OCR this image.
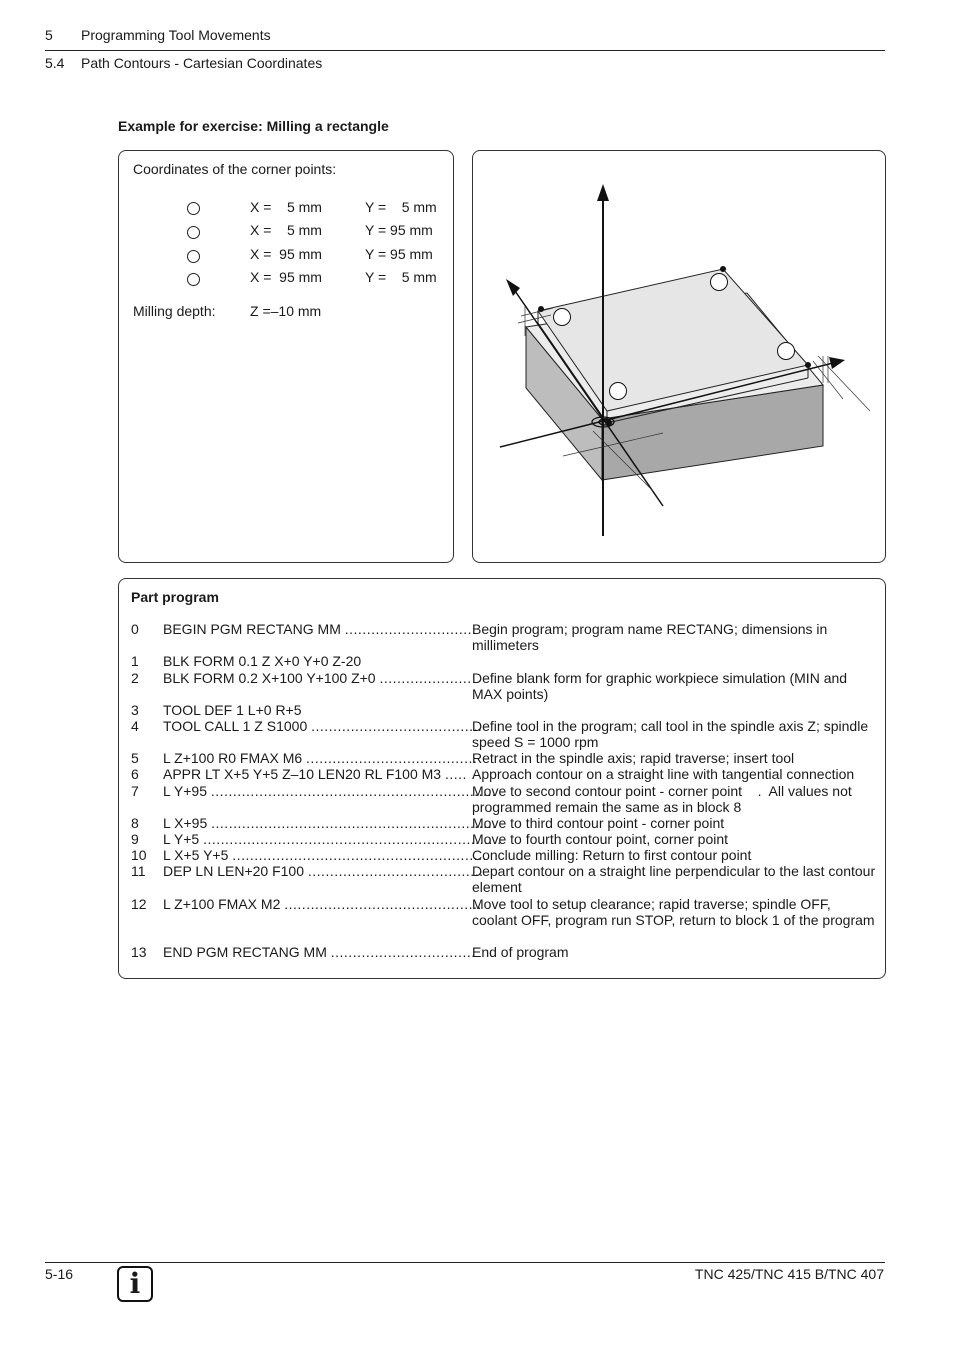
5 Programming Tool Movements
5.4 Path Contours - Cartesian Coordinates
Example for exercise: Milling a rectangle
Coordinates of the corner points:
X =    5 mm	Y =    5 mm
X =    5 mm	Y = 95 mm
X =  95 mm	Y = 95 mm
X =  95 mm	Y =    5 mm
Milling depth: Z =–10 mm
Part program
0	BEGIN PGM RECTANG MM ..............................
Begin program; program name RECTANG; dimensions in millimeters
1	BLK FORM 0.1 Z X+0 Y+0 Z-20
2	BLK FORM 0.2 X+100 Y+100 Z+0 ..................... Define blank form for graphic workpiece simulation (MIN and MAX points)
3	TOOL DEF 1 L+0 R+5
4	TOOL CALL 1 Z S1000 .......................................
Define tool in the program; call tool in the spindle axis Z; spindle speed S = 1000 rpm
5	L Z+100 R0 FMAX M6 .......................................
Retract in the spindle axis; rapid traverse; insert tool
6	APPR LT X+5 Y+5 Z–10 LEN20 RL F100 M3 ..... Approach contour on a straight line with tangential connection
7	L Y+95 .................................................................
Move to second contour point - corner point    .  All values not programmed remain the same as in block 8
8	L X+95 .................................................................
Move to third contour point - corner point
9	L Y+5 ....................................................................
Move to fourth contour point, corner point
10	L X+5 Y+5 ..........................................................
Conclude milling: Return to first contour point
11	DEP LN LEN+20 F100 ........................................
Depart contour on a straight line perpendicular to the last contour element
12	L Z+100 FMAX M2 .............................................
Move tool to setup clearance; rapid traverse; spindle OFF, coolant OFF, program run STOP, return to block 1 of the program
13	END PGM RECTANG MM .................................
End of program
5-16	i	TNC 425/TNC 415 B/TNC 407
